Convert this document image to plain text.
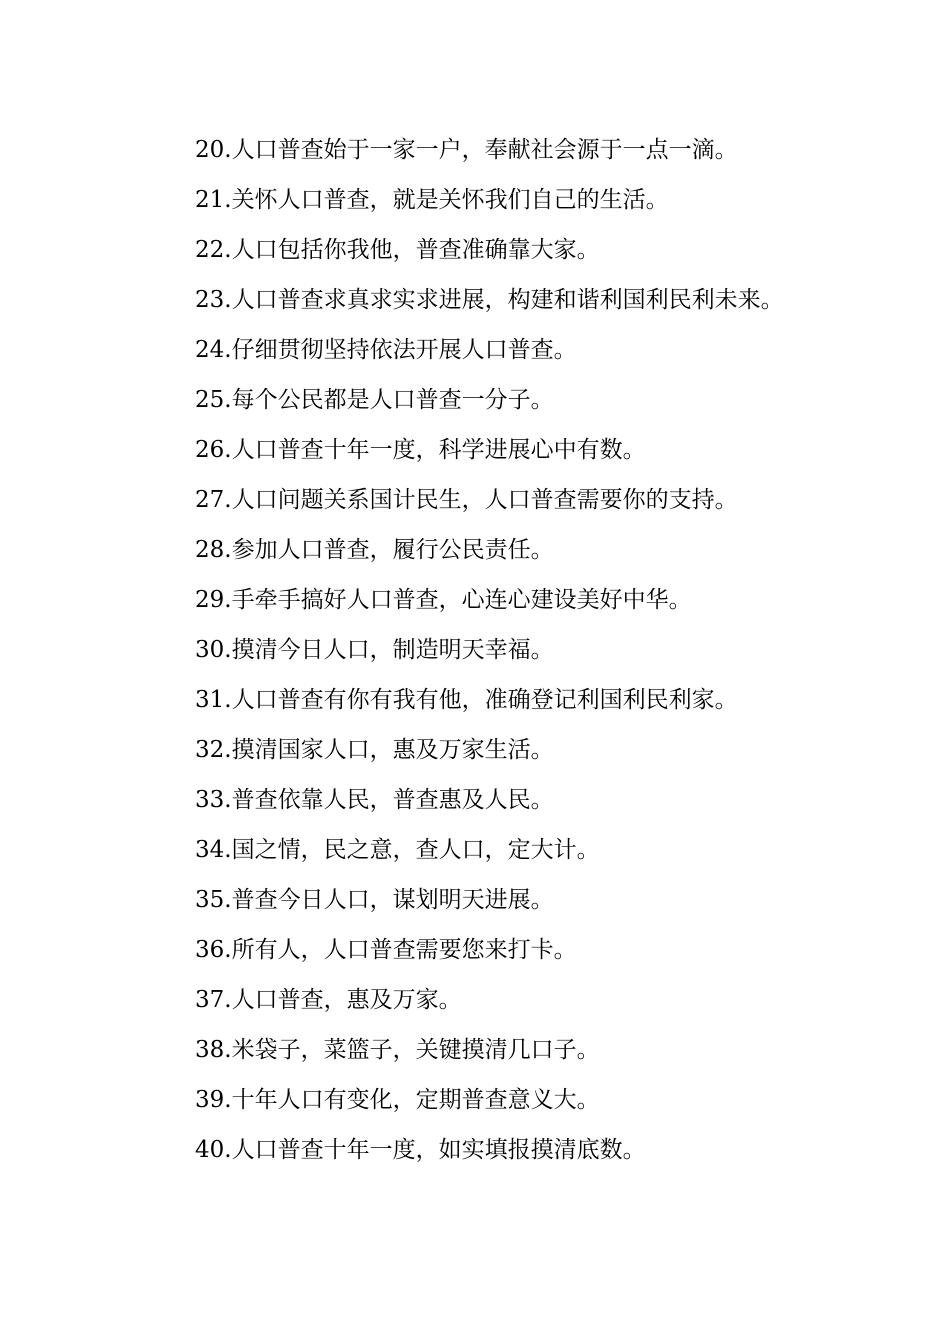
20.人口普查始于一家一户，奉献社会源于一点一滴。
21.关怀人口普查，就是关怀我们自己的生活。
22.人口包括你我他，普查准确靠大家。
23.人口普查求真求实求进展，构建和谐利国利民利未来。
24.仔细贯彻坚持依法开展人口普查。
25.每个公民都是人口普查一分子。
26.人口普查十年一度，科学进展心中有数。
27.人口问题关系国计民生，人口普查需要你的支持。
28.参加人口普查，履行公民责任。
29.手牵手搞好人口普查，心连心建设美好中华。
30.摸清今日人口，制造明天幸福。
31.人口普查有你有我有他，准确登记利国利民利家。
32.摸清国家人口，惠及万家生活。
33.普查依靠人民，普查惠及人民。
34.国之情，民之意，查人口，定大计。
35.普查今日人口，谋划明天进展。
36.所有人，人口普查需要您来打卡。
37.人口普查，惠及万家。
38.米袋子，菜篮子，关键摸清几口子。
39.十年人口有变化，定期普查意义大。
40.人口普查十年一度，如实填报摸清底数。
